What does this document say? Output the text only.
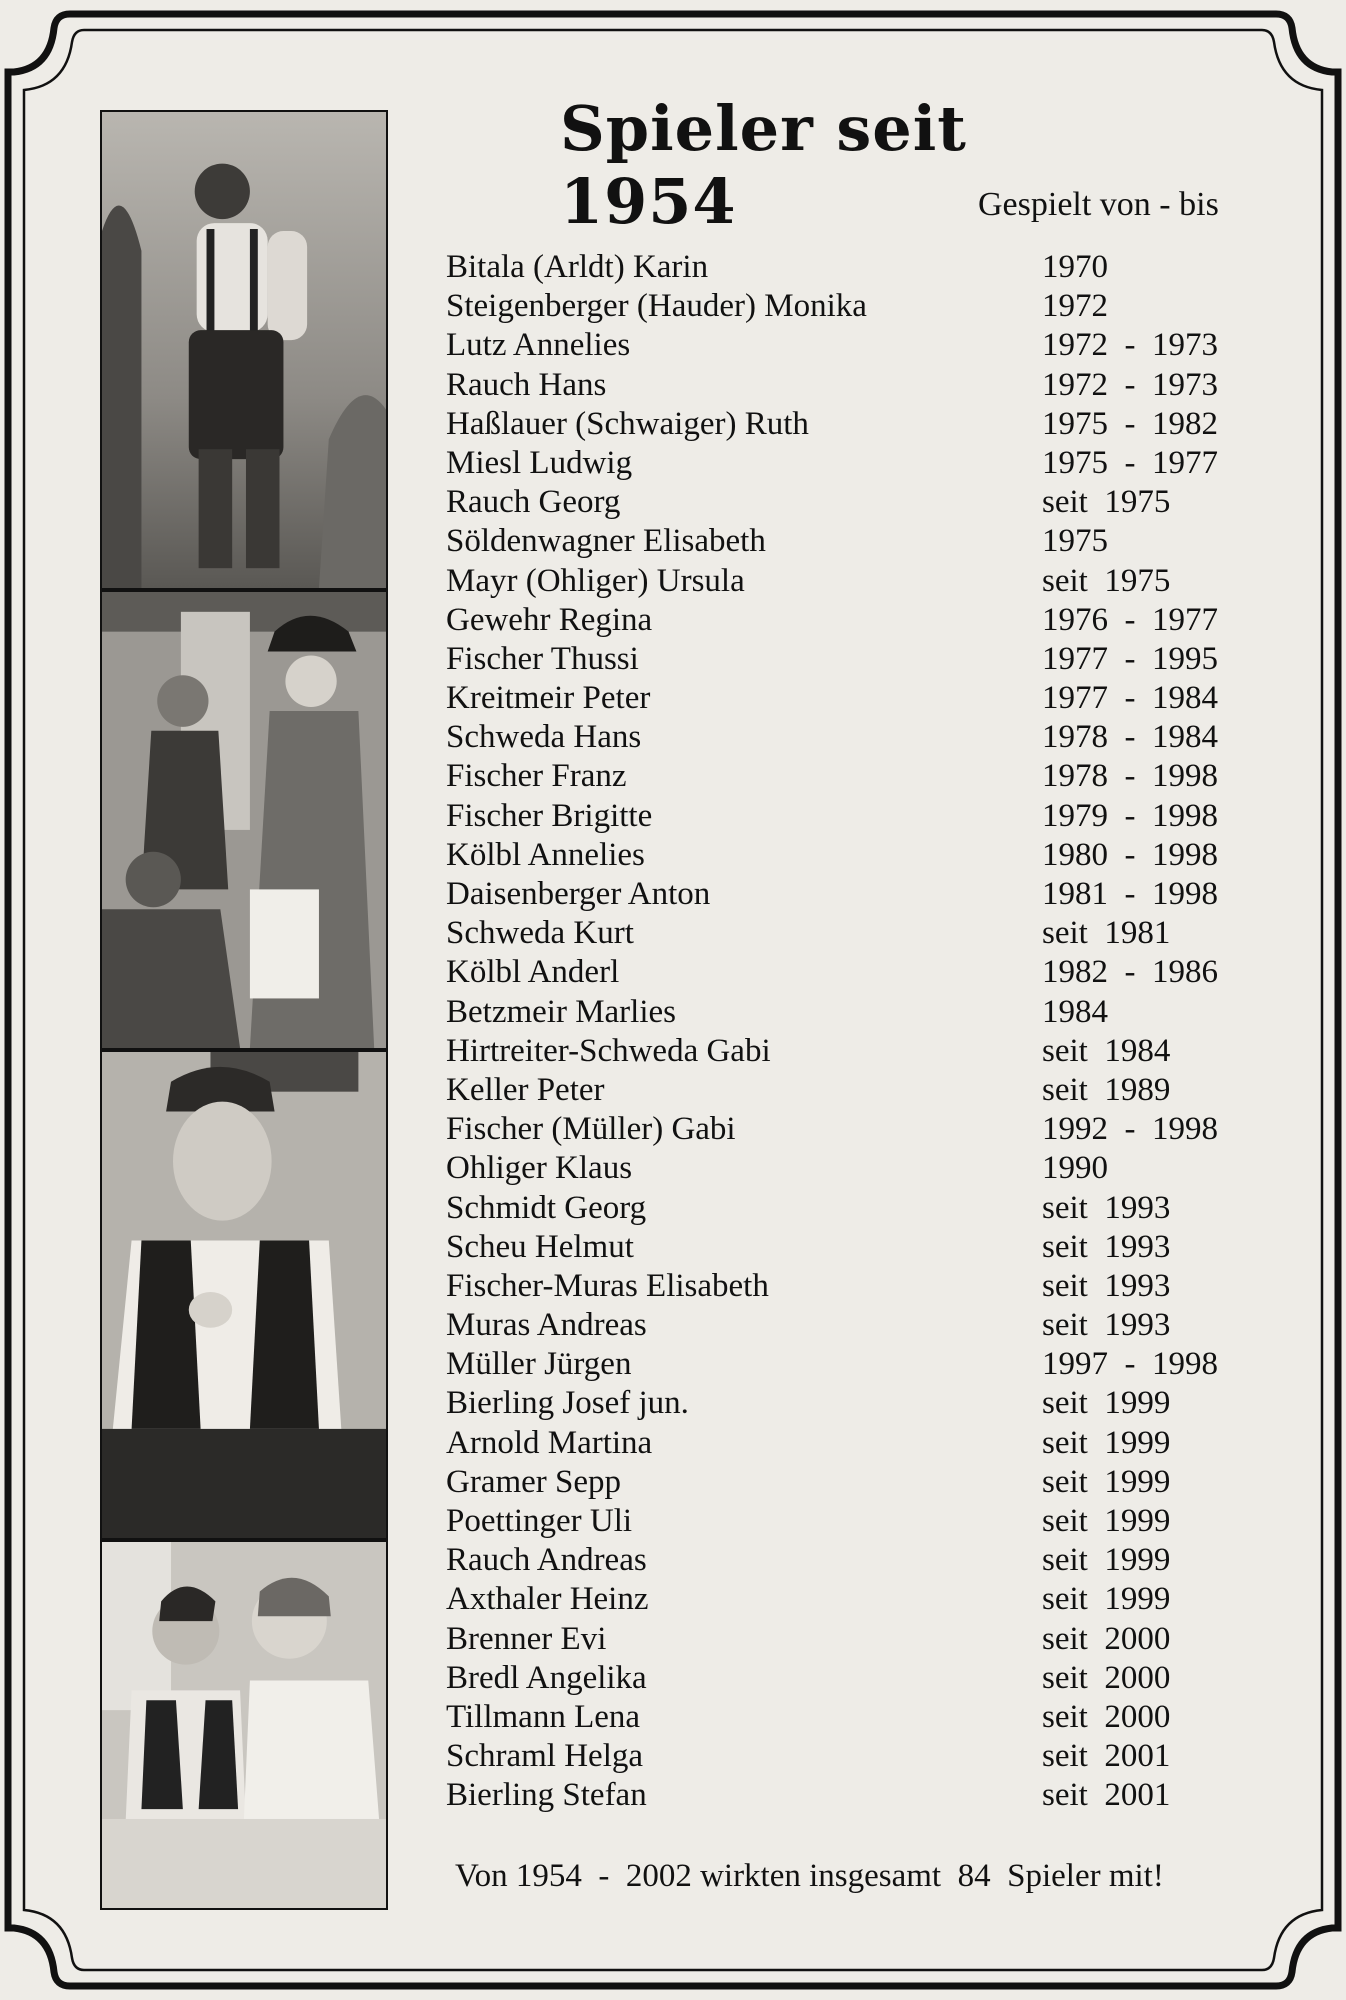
Spieler seit 1954	Gespielt von - bis
Bitala (Arldt) Karin	1970
Steigenberger (Hauder) Monika	1972
Lutz Annelies	1972  -  1973
Rauch Hans	1972  -  1973
Haßlauer (Schwaiger) Ruth	1975  -  1982
Miesl Ludwig	1975  -  1977
Rauch Georg	seit  1975
Söldenwagner Elisabeth	1975
Mayr (Ohliger) Ursula	seit  1975
Gewehr Regina	1976  -  1977
Fischer Thussi	1977  -  1995
Kreitmeir Peter	1977  -  1984
Schweda Hans	1978  -  1984
Fischer Franz	1978  -  1998
Fischer Brigitte	1979  -  1998
Kölbl Annelies	1980  -  1998
Daisenberger Anton	1981  -  1998
Schweda Kurt	seit  1981
Kölbl Anderl	1982  -  1986
Betzmeir Marlies	1984
Hirtreiter-Schweda Gabi	seit  1984
Keller Peter	seit  1989
Fischer (Müller) Gabi	1992  -  1998
Ohliger Klaus	1990
Schmidt Georg	seit  1993
Scheu Helmut	seit  1993
Fischer-Muras Elisabeth	seit  1993
Muras Andreas	seit  1993
Müller Jürgen	1997  -  1998
Bierling Josef jun.	seit  1999
Arnold Martina	seit  1999
Gramer Sepp	seit  1999
Poettinger Uli	seit  1999
Rauch Andreas	seit  1999
Axthaler Heinz	seit  1999
Brenner Evi	seit  2000
Bredl Angelika	seit  2000
Tillmann Lena	seit  2000
Schraml Helga	seit  2001
Bierling Stefan	seit  2001
Von 1954  -  2002 wirkten insgesamt  84  Spieler mit!
